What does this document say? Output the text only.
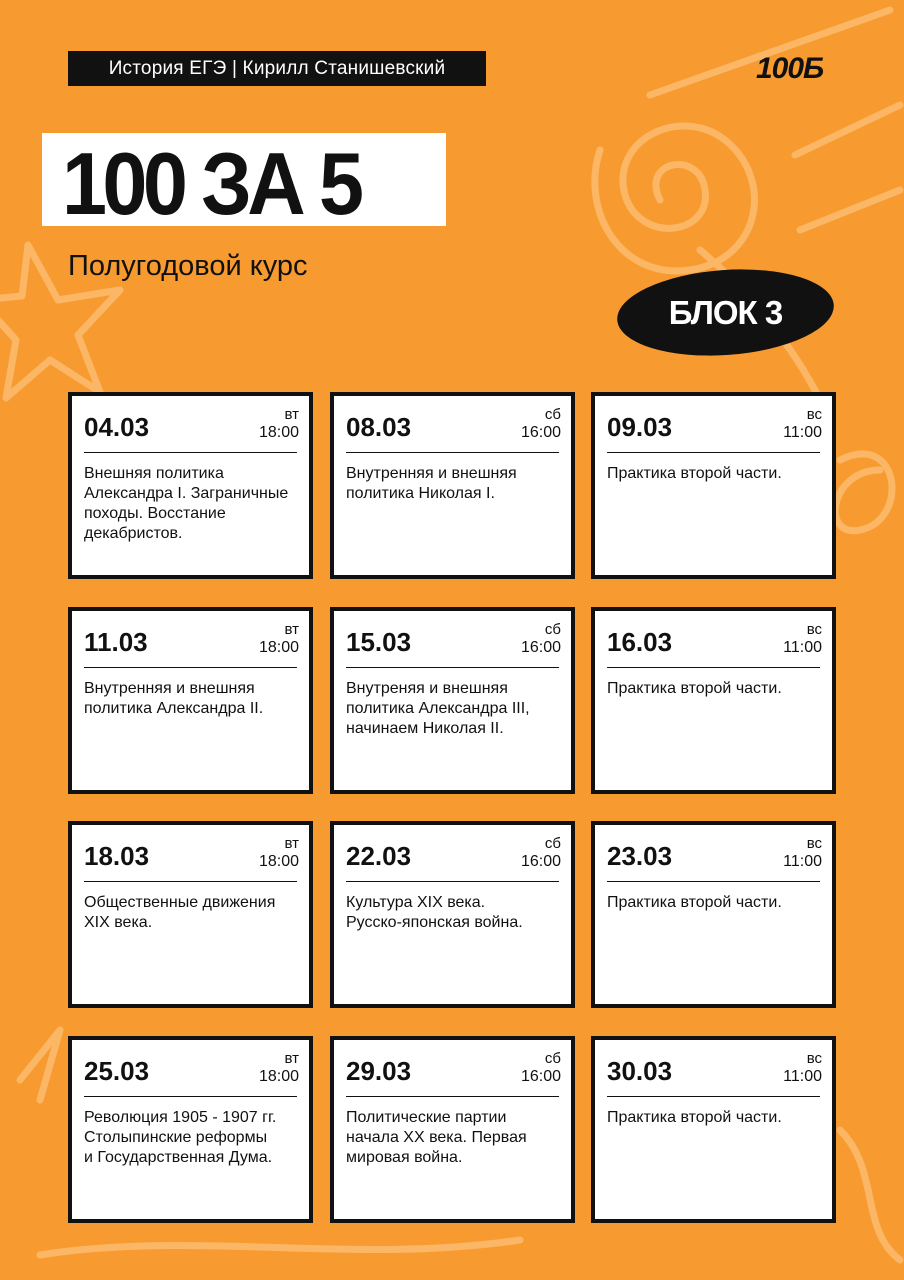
История ЕГЭ | Кирилл Станишевский	100Б
100 ЗА 5
Полугодовой курс
БЛОК 3
04.03	вт
18:00
Внешняя политика
Александра I. Заграничные
походы. Восстание
декабристов.
08.03	сб
16:00
Внутренняя и внешняя
политика Николая I.
09.03	вс
11:00
Практика второй части.
11.03	вт
18:00
Внутренняя и внешняя
политика Александра II.
15.03	сб
16:00
Внутреняя и внешняя
политика Александра III,
начинаем Николая II.
16.03	вс
11:00
Практика второй части.
18.03	вт
18:00
Общественные движения
XIX века.
22.03	сб
16:00
Культура XIX века.
Русско-японская война.
23.03	вс
11:00
Практика второй части.
25.03	вт
18:00
Революция 1905 - 1907 гг.
Столыпинские реформы
и Государственная Дума.
29.03	сб
16:00
Политические партии
начала XX века. Первая
мировая война.
30.03	вс
11:00
Практика второй части.
